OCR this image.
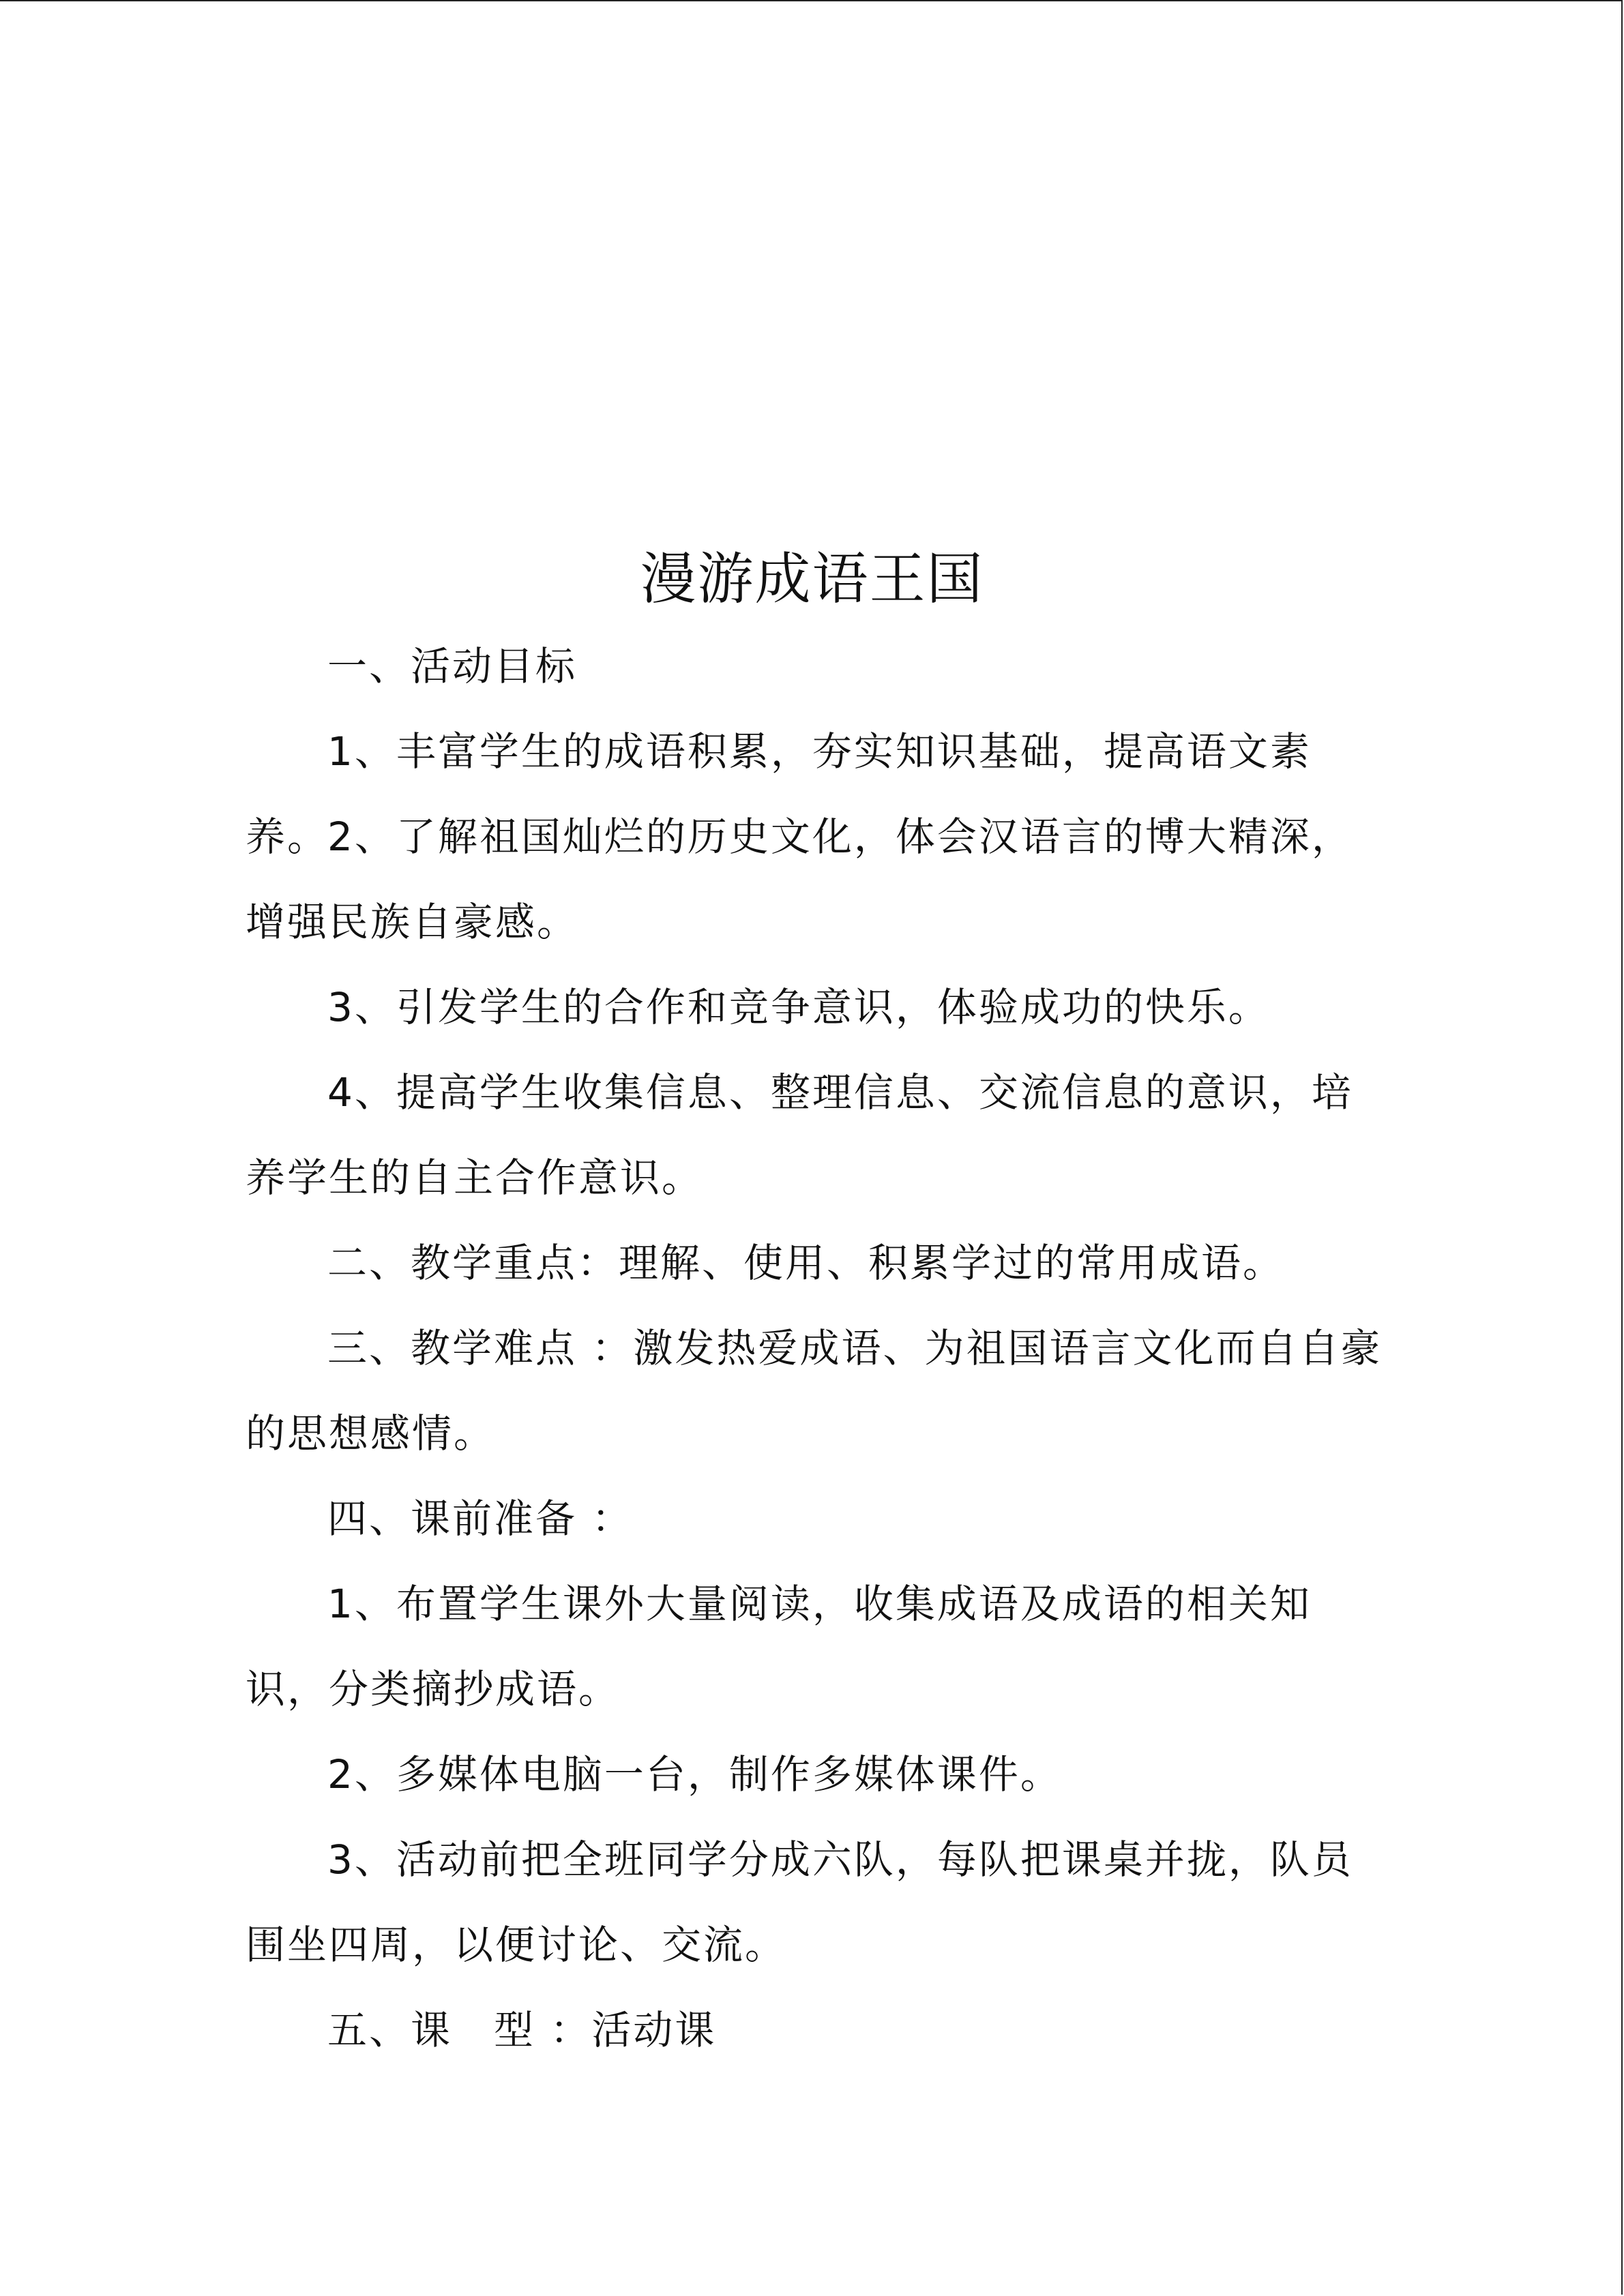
漫游成语王国
一、活动目标
1、丰富学生的成语积累，夯实知识基础，提高语文素养。
2、了解祖国灿烂的历史文化，体会汉语言的博大精深，增强民族自豪感。
3、引发学生的合作和竞争意识，体验成功的快乐。
4、提高学生收集信息、整理信息、交流信息的意识，培养学生的自主合作意识。
二、教学重点：理解、使用、积累学过的常用成语。
三、教学难点 ：激发热爱成语、为祖国语言文化而自自豪的思想感情。
四、课前准备 ：
1、布置学生课外大量阅读，收集成语及成语的相关知识，分类摘抄成语。
2、多媒体电脑一台，制作多媒体课件。
3、活动前把全班同学分成六队，每队把课桌并拢，队员围坐四周，以便讨论、交流。
五、课　型 ：活动课
